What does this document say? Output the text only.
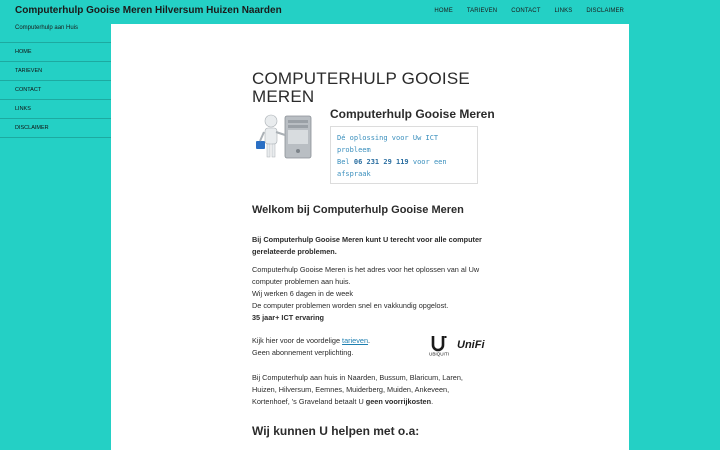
Computerhulp Gooise Meren Hilversum Huizen Naarden	HOME	TARIEVEN	CONTACT	LINKS	DISCLAIMER
Computerhulp aan Huis
HOME
TARIEVEN
CONTACT
LINKS
DISCLAIMER
COMPUTERHULP GOOISE MEREN
Computerhulp Gooise Meren
Dé oplossing voor Uw ICT probleem
Bel 06 231 29 119 voor een afspraak
Welkom bij Computerhulp Gooise Meren
Bij Computerhulp Gooise Meren kunt U terecht voor alle computer gerelateerde problemen.
Computerhulp Gooise Meren is het adres voor het oplossen van al Uw computer problemen aan huis.
Wij werken 6 dagen in de week
De computer problemen worden snel en vakkundig opgelost.
35 jaar+ ICT ervaring
Kijk hier voor de voordelige tarieven.
Geen abonnement verplichting.	UBIQUITI
UniFi
Bij Computerhulp aan huis in Naarden, Bussum, Blaricum, Laren, Huizen, Hilversum, Eemnes, Muiderberg, Muiden, Ankeveen, Kortenhoef, 's Graveland betaalt U geen voorrijkosten.
Wij kunnen U helpen met o.a:
